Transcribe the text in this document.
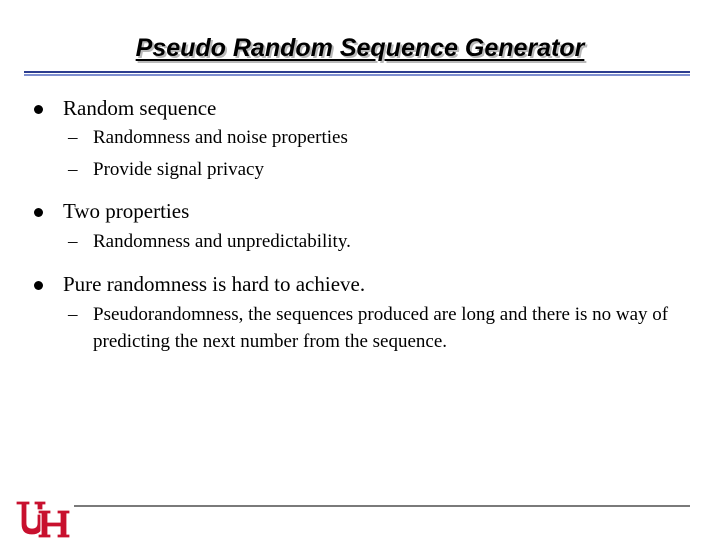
Pseudo Random Sequence Generator
Random sequence
– Randomness and noise properties
– Provide signal privacy
Two properties
– Randomness and unpredictability.
Pure randomness is hard to achieve.
– Pseudorandomness, the sequences produced are long and there is no way of predicting the next number from the sequence.
